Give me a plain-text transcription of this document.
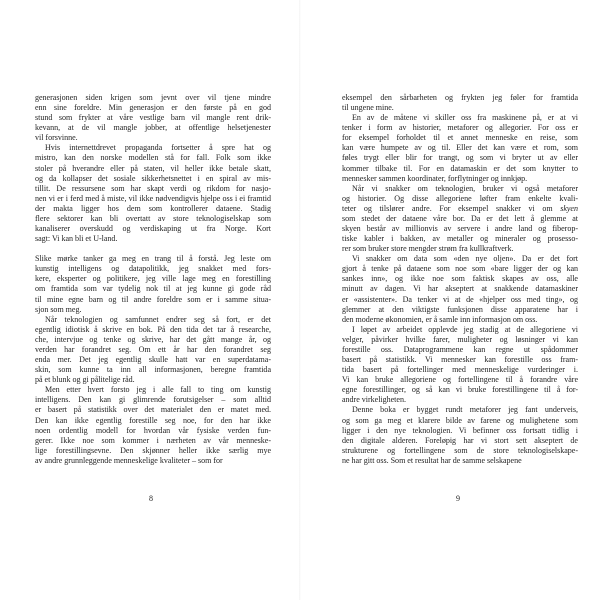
generasjonen siden krigen som jevnt over vil tjene mindre
enn sine foreldre. Min generasjon er den første på en god
stund som frykter at våre vestlige barn vil mangle rent drik-
kevann, at de vil mangle jobber, at offentlige helsetjenester
vil forsvinne.
Hvis internettdrevet propaganda fortsetter å spre hat og
mistro, kan den norske modellen stå for fall. Folk som ikke
stoler på hverandre eller på staten, vil heller ikke betale skatt,
og da kollapser det sosiale sikkerhetsnettet i en spiral av mis-
tillit. De ressursene som har skapt verdi og rikdom for nasjo-
nen vi er i ferd med å miste, vil ikke nødvendigvis hjelpe oss i ei framtid
der makta ligger hos dem som kontrollerer dataene. Stadig
flere sektorer kan bli overtatt av store teknologiselskap som
kanaliserer overskudd og verdiskaping ut fra Norge. Kort
sagt: Vi kan bli et U-land.
Slike mørke tanker ga meg en trang til å forstå. Jeg leste om
kunstig intelligens og datapolitikk, jeg snakket med fors-
kere, eksperter og politikere, jeg ville lage meg en forestilling
om framtida som var tydelig nok til at jeg kunne gi gode råd
til mine egne barn og til andre foreldre som er i samme situa-
sjon som meg.
Når teknologien og samfunnet endrer seg så fort, er det
egentlig idiotisk å skrive en bok. På den tida det tar å researche,
che, intervjue og tenke og skrive, har det gått mange år, og
verden har forandret seg. Om ett år har den forandret seg
enda mer. Det jeg egentlig skulle hatt var en superdatama-
skin, som kunne ta inn all informasjonen, beregne framtida
på et blunk og gi pålitelige råd.
Men etter hvert forsto jeg i alle fall to ting om kunstig
intelligens. Den kan gi glimrende forutsigelser – som alltid
er basert på statistikk over det materialet den er matet med.
Den kan ikke egentlig forestille seg noe, for den har ikke
noen ordentlig modell for hvordan vår fysiske verden fun-
gerer. Ikke noe som kommer i nærheten av vår menneske-
lige forestillingsevne. Den skjønner heller ikke særlig mye
av andre grunnleggende menneskelige kvaliteter – som for
8
eksempel den sårbarheten og frykten jeg føler for framtida
til ungene mine.
En av de måtene vi skiller oss fra maskinene på, er at vi
tenker i form av historier, metaforer og allegorier. For oss er
for eksempel forholdet til et annet menneske en reise, som
kan være humpete av og til. Eller det kan være et rom, som
føles trygt eller blir for trangt, og som vi bryter ut av eller
kommer tilbake til. For en datamaskin er det som knytter to
mennesker sammen koordinater, forflytninger og innkjøp.
Når vi snakker om teknologien, bruker vi også metaforer
og historier. Og disse allegoriene løfter fram enkelte kvali-
teter og tilslører andre. For eksempel snakker vi om skyen
som stedet der dataene våre bor. Da er det lett å glemme at
skyen består av millionvis av servere i andre land og fiberop-
tiske kabler i bakken, av metaller og mineraler og prosesso-
rer som bruker store mengder strøm fra kullkraftverk.
Vi snakker om data som «den nye oljen». Da er det fort
gjort å tenke på dataene som noe som «bare ligger der og kan
sankes inn», og ikke noe som faktisk skapes av oss, alle
minutt av dagen. Vi har akseptert at snakkende datamaskiner
er «assistenter». Da tenker vi at de «hjelper oss med ting», og
glemmer at den viktigste funksjonen disse apparatene har i
den moderne økonomien, er å samle inn informasjon om oss.
I løpet av arbeidet opplevde jeg stadig at de allegoriene vi
velger, påvirker hvilke farer, muligheter og løsninger vi kan
forestille oss. Dataprogrammene kan regne ut spådommer
basert på statistikk. Vi mennesker kan forestille oss fram-
tida basert på fortellinger med menneskelige vurderinger i.
Vi kan bruke allegoriene og fortellingene til å forandre våre
egne forestillinger, og så kan vi bruke forestillingene til å for-
andre virkeligheten.
Denne boka er bygget rundt metaforer jeg fant underveis,
og som ga meg et klarere bilde av farene og mulighetene som
ligger i den nye teknologien. Vi befinner oss fortsatt tidlig i
den digitale alderen. Foreløpig har vi stort sett akseptert de
strukturene og fortellingene som de store teknologiselskape-
ne har gitt oss. Som et resultat har de samme selskapene
9
